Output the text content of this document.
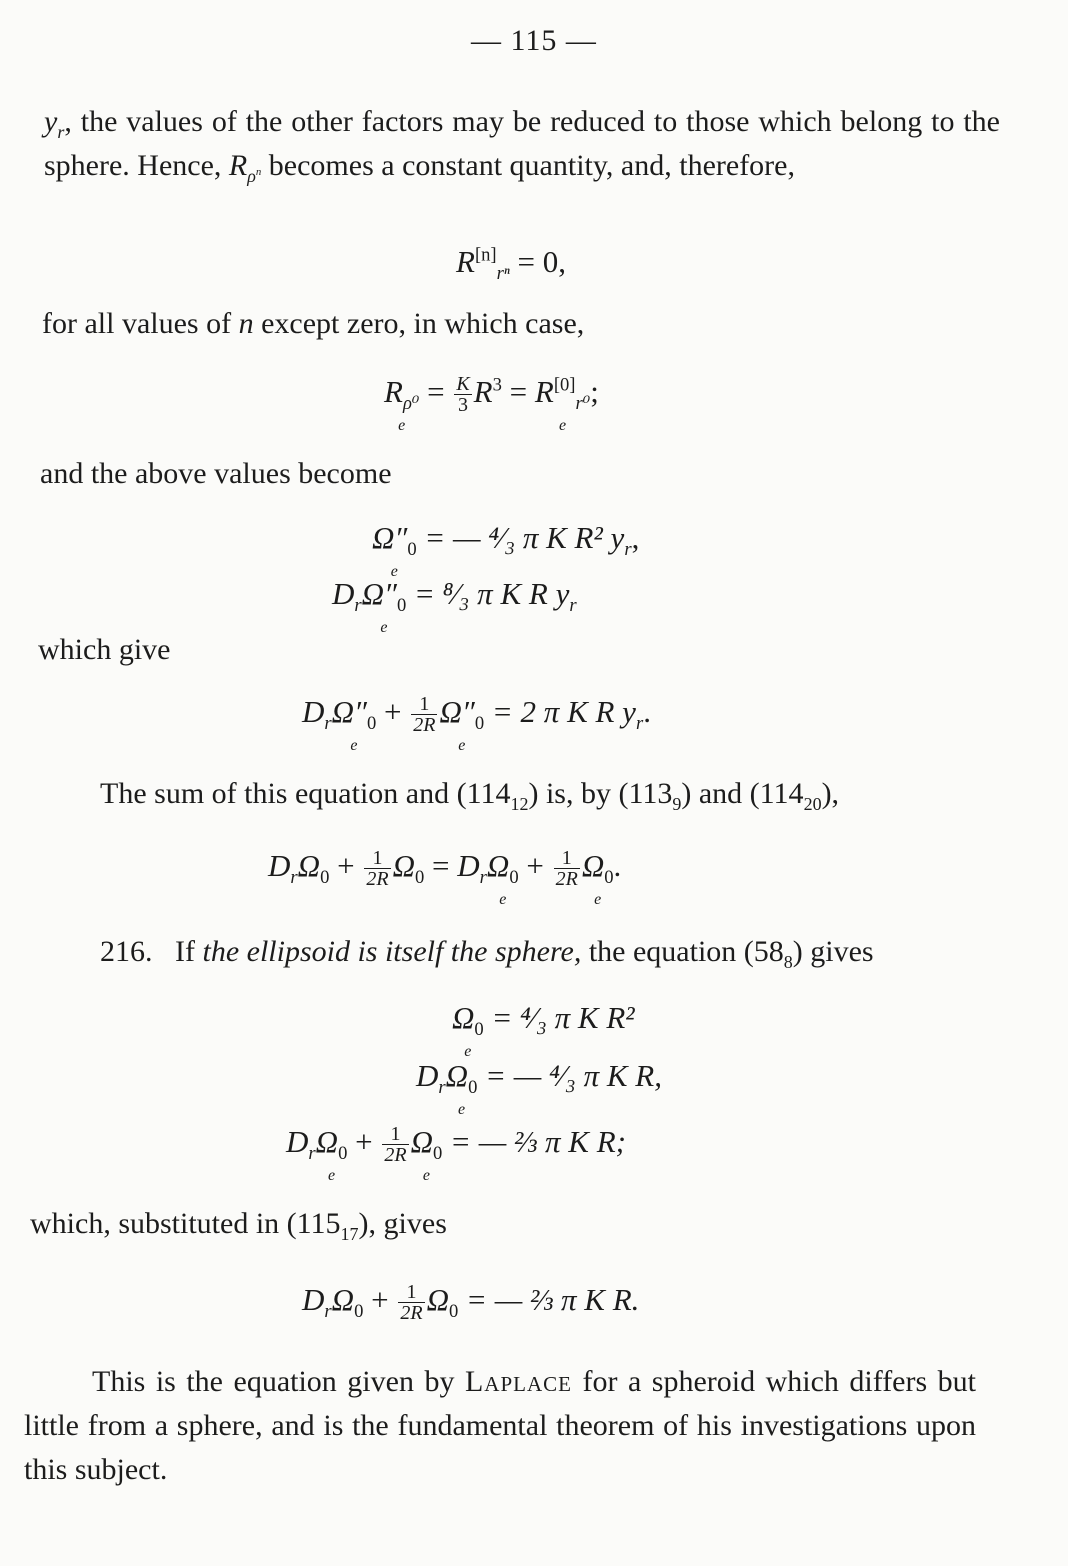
— 115 —
$y_r$, the values of the other factors may be reduced to those which belong to the sphere. Hence, $R_{\rho^n}$ becomes a constant quantity, and, therefore,
$R[n]_{r^n} = 0$,
for all values of n except zero, in which case,
$R_{\rho^0}$
e
= $\frac{K}{3} R^3 = R[0]_{r^0}$
e
;
and the above values become
$\Omega''_0$
e
= — ⁴⁄₃ π K R² $y_r$,
$D_r\Omega''_0$
e
= ⁸⁄₃ π K R $y_r$
which give
$D_r\Omega''_0$
e
+ $\frac{1}{2R} \Omega''_0$
e
= 2 π K R $y_r$.
The sum of this equation and $(114_{12})$ is, by $(113_9)$ and $(114_{20})$,
$D_r\Omega_0 + \frac{1}{2R} \Omega_0 = D_r\Omega_0$
e
+ $\frac{1}{2R} \Omega_0$
e
.
216. If the ellipsoid is itself the sphere, the equation $(58_8)$ gives
$\Omega_0$
e
= ⁴⁄₃ π K R²
$D_r\Omega_0$
e
= — ⁴⁄₃ π K R,
$D_r\Omega_0$
e
+ $\frac{1}{2R} \Omega_0$
e
= — ⅔ π K R;
which, substituted in $(115_{17})$, gives
$D_r\Omega_0 + \frac{1}{2R} \Omega_0$ = — ⅔ π K R.
This is the equation given by Laplace for a spheroid which differs but little from a sphere, and is the fundamental theorem of his investigations upon this subject.
